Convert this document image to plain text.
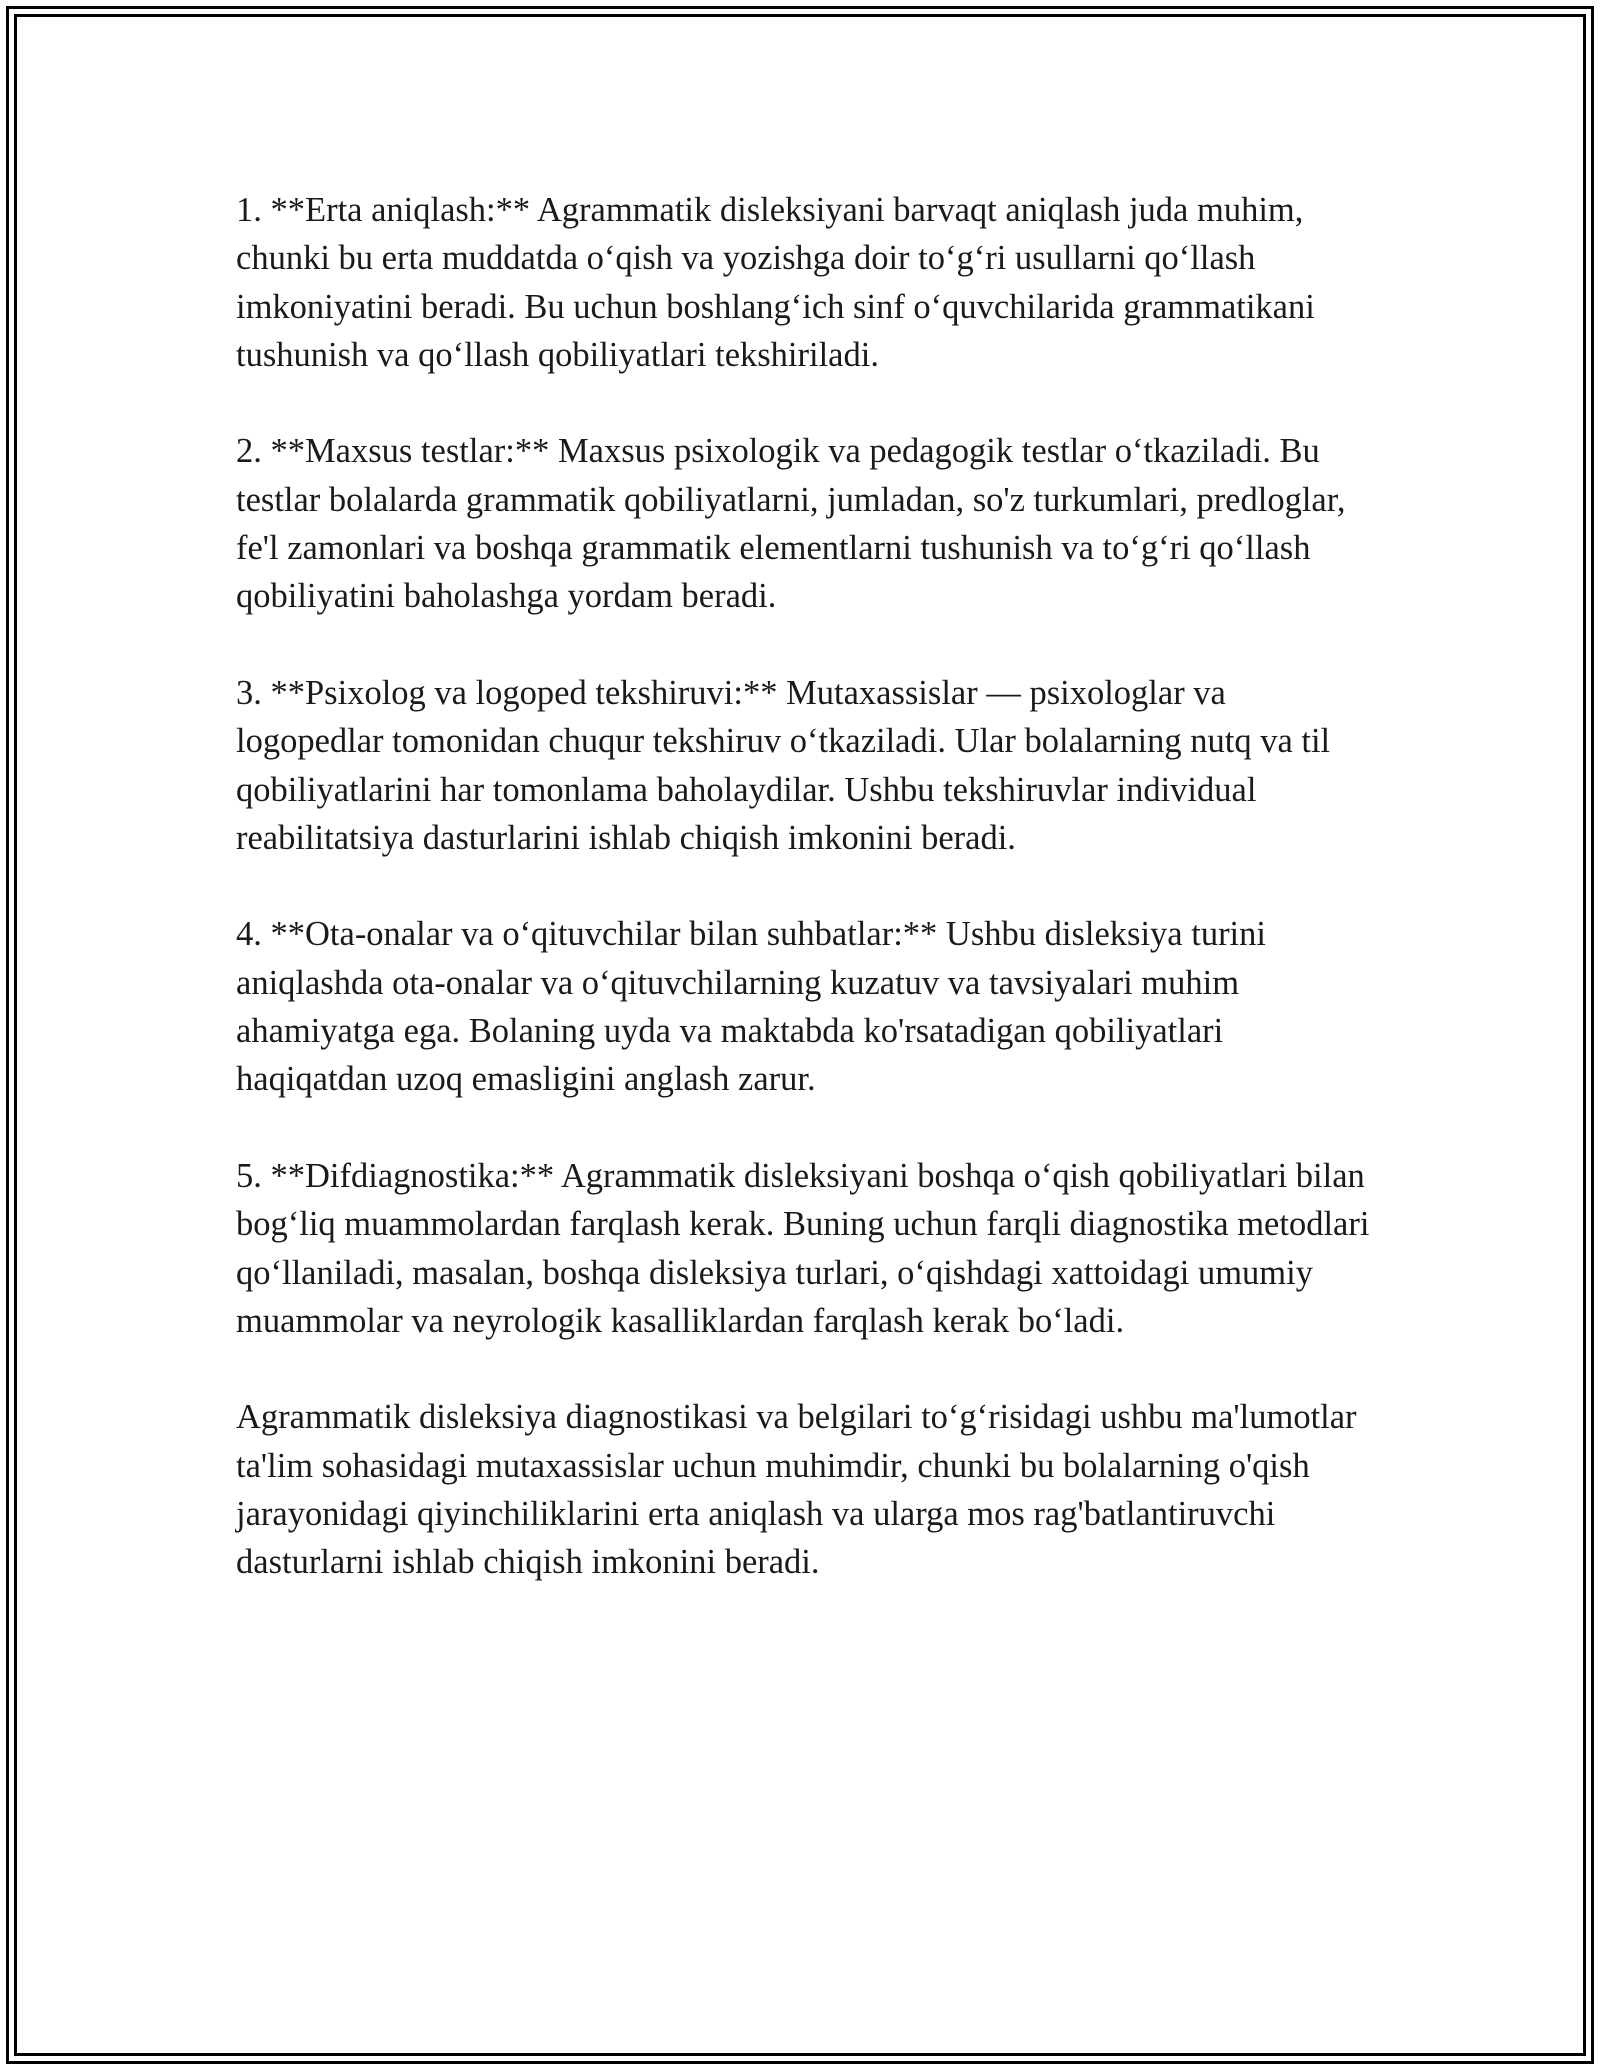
1. **Erta aniqlash:** Agrammatik disleksiyani barvaqt aniqlash juda muhim, chunki bu erta muddatda o‘qish va yozishga doir to‘g‘ri usullarni qo‘llash imkoniyatini beradi. Bu uchun boshlang‘ich sinf o‘quvchilarida grammatikani tushunish va qo‘llash qobiliyatlari tekshiriladi.

2. **Maxsus testlar:** Maxsus psixologik va pedagogik testlar o‘tkaziladi. Bu testlar bolalarda grammatik qobiliyatlarni, jumladan, so'z turkumlari, predloglar, fe'l zamonlari va boshqa grammatik elementlarni tushunish va to‘g‘ri qo‘llash qobiliyatini baholashga yordam beradi.

3. **Psixolog va logoped tekshiruvi:** Mutaxassislar — psixologlar va logopedlar tomonidan chuqur tekshiruv o‘tkaziladi. Ular bolalarning nutq va til qobiliyatlarini har tomonlama baholaydilar. Ushbu tekshiruvlar individual reabilitatsiya dasturlarini ishlab chiqish imkonini beradi.

4. **Ota-onalar va o‘qituvchilar bilan suhbatlar:** Ushbu disleksiya turini aniqlashda ota-onalar va o‘qituvchilarning kuzatuv va tavsiyalari muhim ahamiyatga ega. Bolaning uyda va maktabda ko'rsatadigan qobiliyatlari haqiqatdan uzoq emasligini anglash zarur.

5. **Difdiagnostika:** Agrammatik disleksiyani boshqa o‘qish qobiliyatlari bilan bog‘liq muammolardan farqlash kerak. Buning uchun farqli diagnostika metodlari qo‘llaniladi, masalan, boshqa disleksiya turlari, o‘qishdagi xattoidagi umumiy muammolar va neyrologik kasalliklardan farqlash kerak bo‘ladi.

Agrammatik disleksiya diagnostikasi va belgilari to‘g‘risidagi ushbu ma'lumotlar ta'lim sohasidagi mutaxassislar uchun muhimdir, chunki bu bolalarning o'qish jarayonidagi qiyinchiliklarini erta aniqlash va ularga mos rag'batlantiruvchi dasturlarni ishlab chiqish imkonini beradi.
